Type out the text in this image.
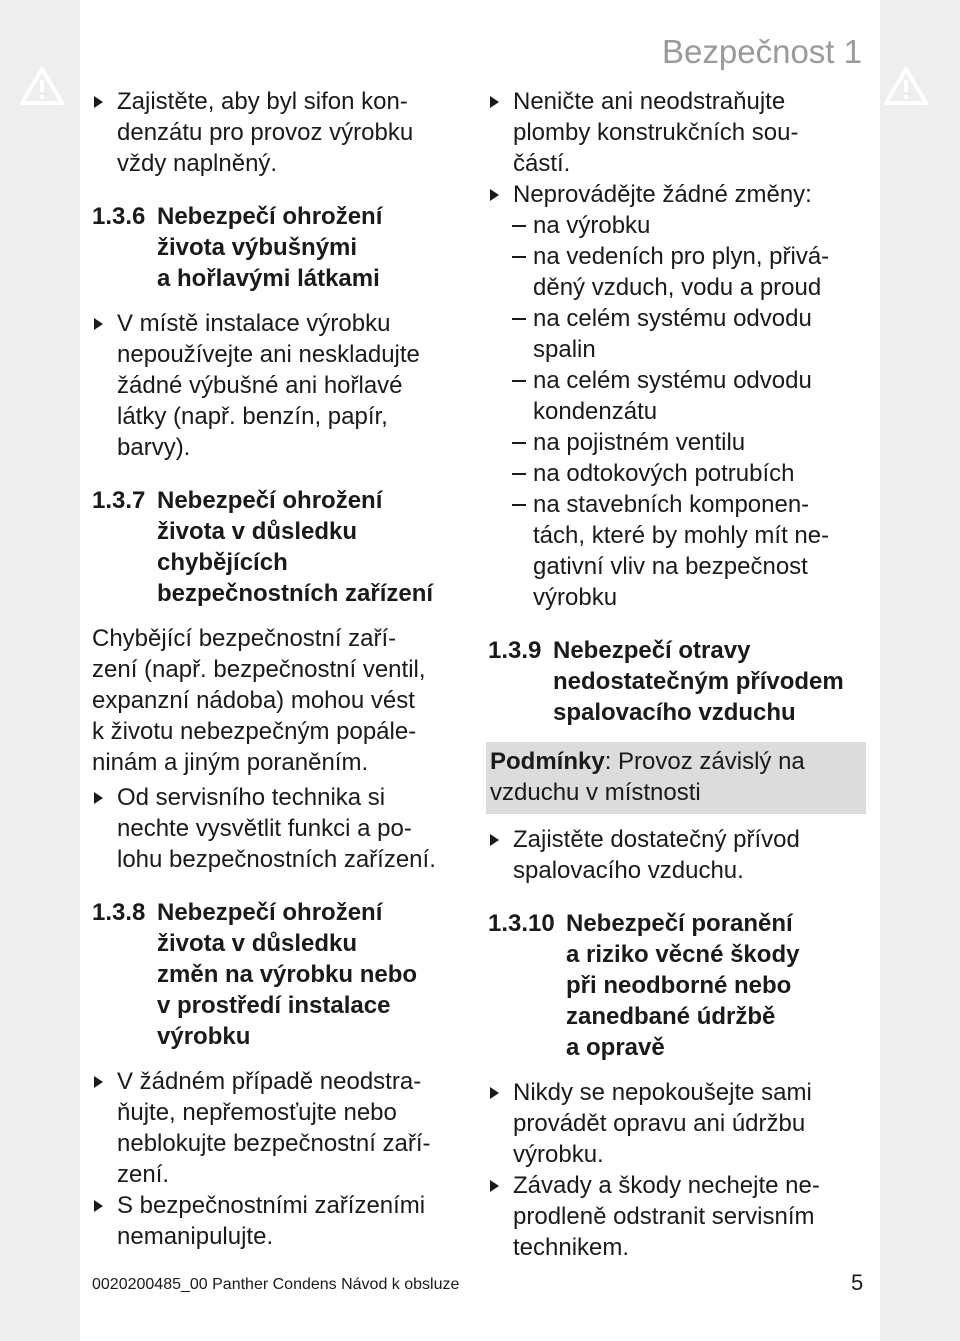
Bezpečnost 1
Zajistěte, aby byl sifon kon-
denzátu pro provoz výrobku
vždy naplněný.
1.3.6 Nebezpečí ohrožení
života výbušnými
a hořlavými látkami
V místě instalace výrobku
nepoužívejte ani neskladujte
žádné výbušné ani hořlavé
látky (např. benzín, papír,
barvy).
1.3.7 Nebezpečí ohrožení
života v důsledku
chybějících
bezpečnostních zařízení
Chybějící bezpečnostní zaří-
zení (např. bezpečnostní ventil,
expanzní nádoba) mohou vést
k životu nebezpečným popále-
ninám a jiným poraněním.
Od servisního technika si
nechte vysvětlit funkci a po-
lohu bezpečnostních zařízení.
1.3.8 Nebezpečí ohrožení
života v důsledku
změn na výrobku nebo
v prostředí instalace
výrobku
V žádném případě neodstra-
ňujte, nepřemosťujte nebo
neblokujte bezpečnostní zaří-
zení.
S bezpečnostními zařízeními
nemanipulujte.
Neničte ani neodstraňujte
plomby konstrukčních sou-
částí.
Neprovádějte žádné změny:
na výrobku
na vedeních pro plyn, přivá-
děný vzduch, vodu a proud
na celém systému odvodu
spalin
na celém systému odvodu
kondenzátu
na pojistném ventilu
na odtokových potrubích
na stavebních komponen-
tách, které by mohly mít ne-
gativní vliv na bezpečnost
výrobku
1.3.9 Nebezpečí otravy
nedostatečným přívodem
spalovacího vzduchu
Podmínky: Provoz závislý na
vzduchu v místnosti
Zajistěte dostatečný přívod
spalovacího vzduchu.
1.3.10 Nebezpečí poranění
a riziko věcné škody
při neodborné nebo
zanedbané údržbě
a opravě
Nikdy se nepokoušejte sami
provádět opravu ani údržbu
výrobku.
Závady a škody nechejte ne-
prodleně odstranit servisním
technikem.
0020200485_00 Panther Condens Návod k obsluze	5
